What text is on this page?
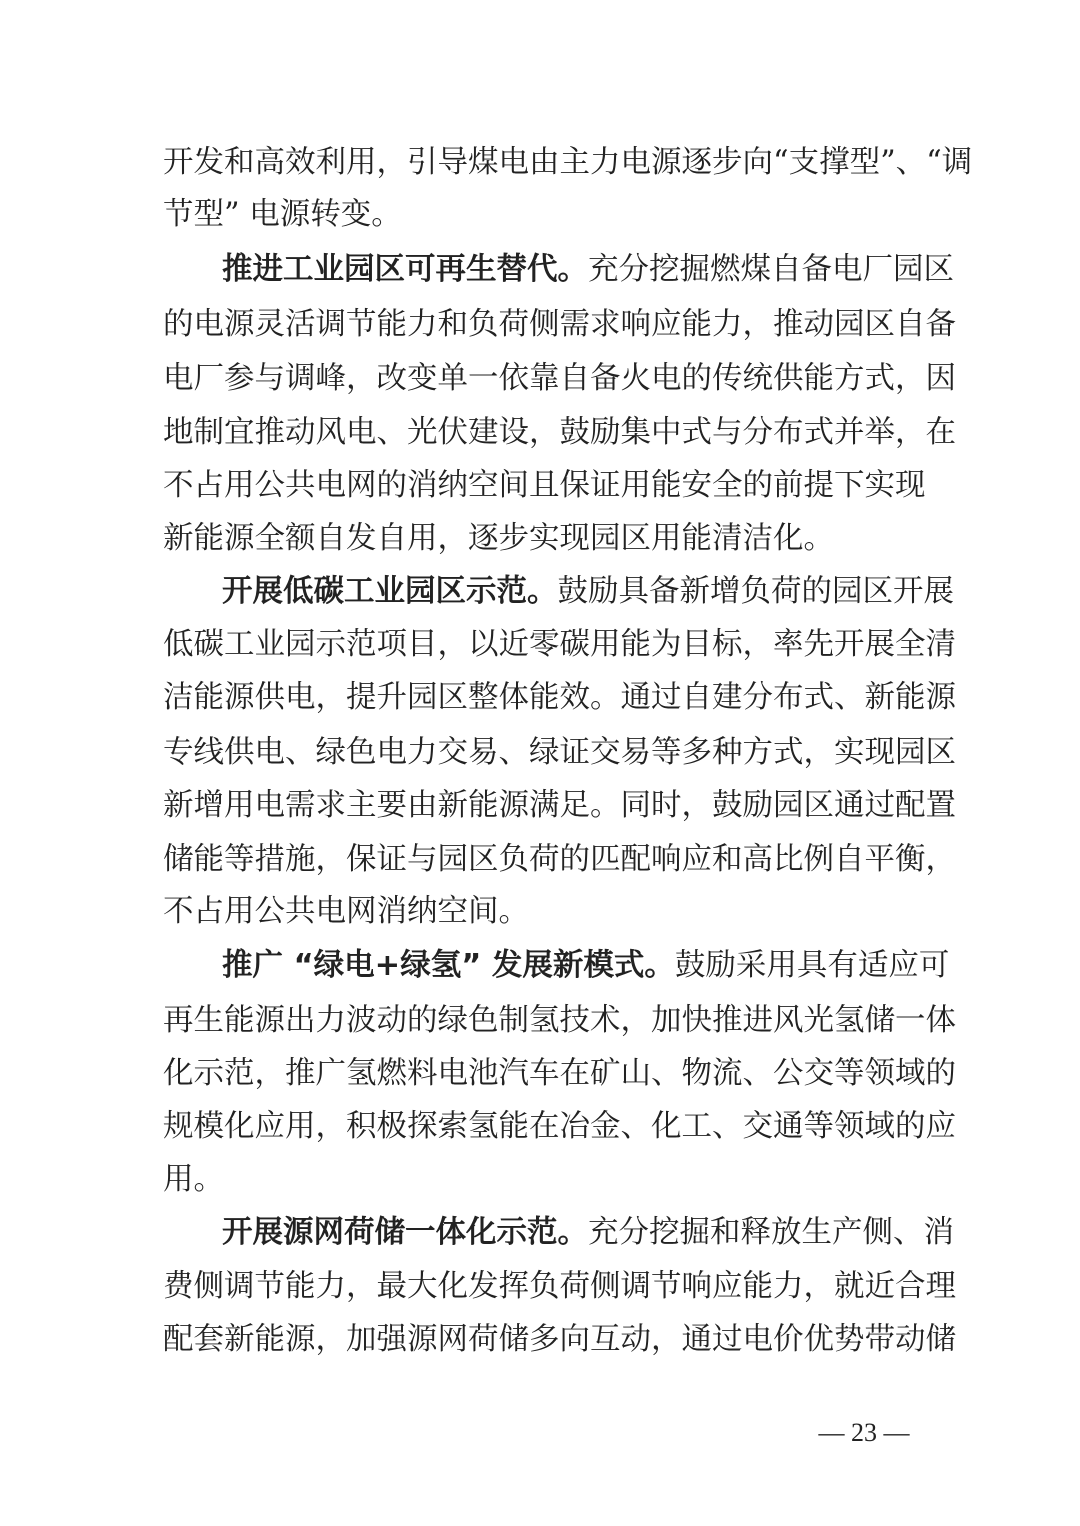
开发和高效利用，引导煤电由主力电源逐步向“支撑型”、“调
节型” 电源转变。
推进工业园区可再生替代。充分挖掘燃煤自备电厂园区
的电源灵活调节能力和负荷侧需求响应能力，推动园区自备
电厂参与调峰，改变单一依靠自备火电的传统供能方式，因
地制宜推动风电、光伏建设，鼓励集中式与分布式并举，在
不占用公共电网的消纳空间且保证用能安全的前提下实现
新能源全额自发自用，逐步实现园区用能清洁化。
开展低碳工业园区示范。鼓励具备新增负荷的园区开展
低碳工业园示范项目，以近零碳用能为目标，率先开展全清
洁能源供电，提升园区整体能效。通过自建分布式、新能源
专线供电、绿色电力交易、绿证交易等多种方式，实现园区
新增用电需求主要由新能源满足。同时，鼓励园区通过配置
储能等措施，保证与园区负荷的匹配响应和高比例自平衡，
不占用公共电网消纳空间。
推广 “绿电+绿氢” 发展新模式。鼓励采用具有适应可
再生能源出力波动的绿色制氢技术，加快推进风光氢储一体
化示范，推广氢燃料电池汽车在矿山、物流、公交等领域的
规模化应用，积极探索氢能在冶金、化工、交通等领域的应
用。
开展源网荷储一体化示范。充分挖掘和释放生产侧、消
费侧调节能力，最大化发挥负荷侧调节响应能力，就近合理
配套新能源，加强源网荷储多向互动，通过电价优势带动储
— 23 —
